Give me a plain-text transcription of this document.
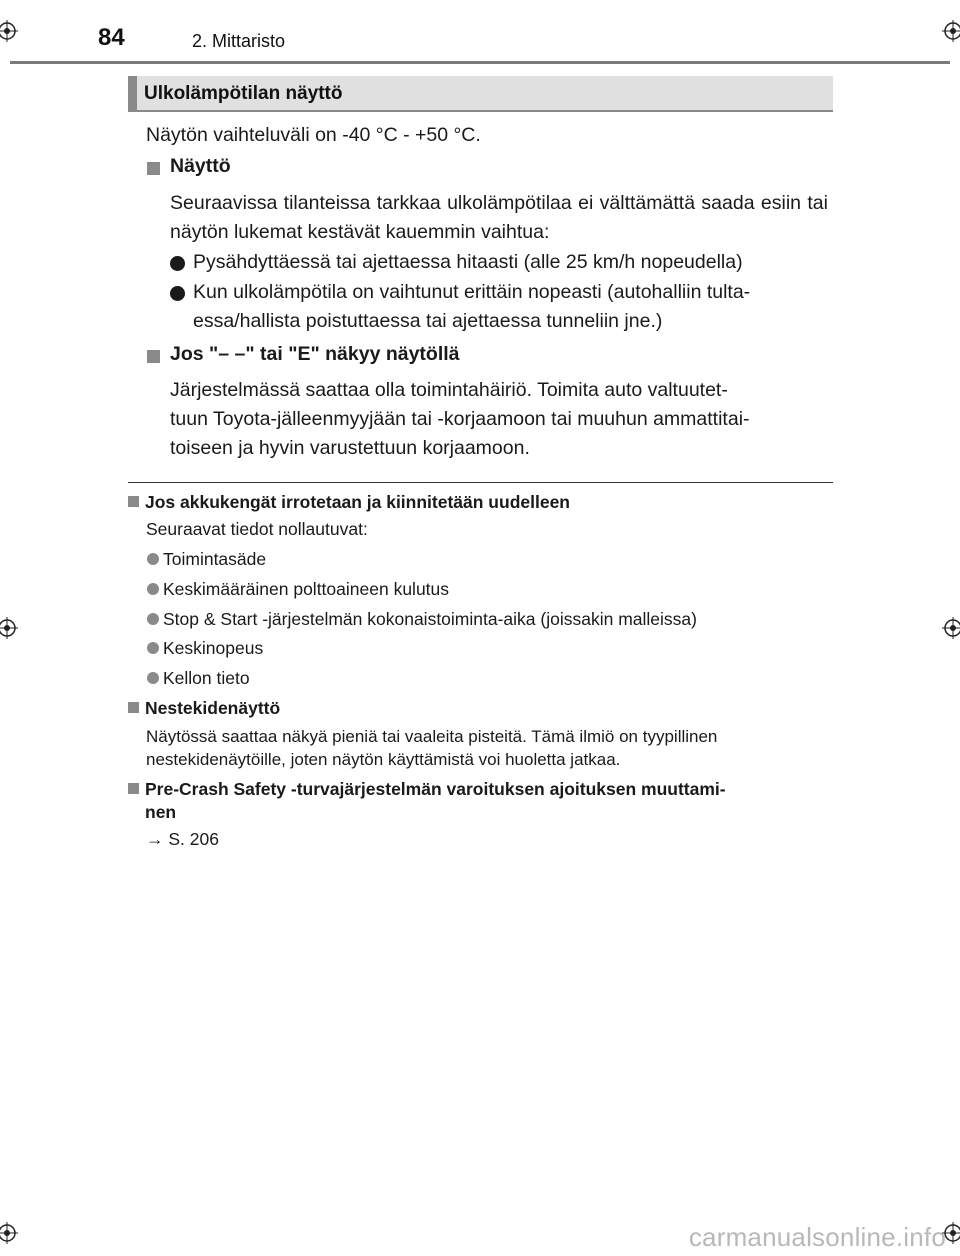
84	2. Mittaristo
Ulkolämpötilan näyttö
Näytön vaihteluväli on -40 °C - +50 °C.
Näyttö
Seuraavissa tilanteissa tarkkaa ulkolämpötilaa ei välttämättä saada esiin tai näytön lukemat kestävät kauemmin vaihtua:
Pysähdyttäessä tai ajettaessa hitaasti (alle 25 km/h nopeudella)
Kun ulkolämpötila on vaihtunut erittäin nopeasti (autohalliin tulta-
essa/hallista poistuttaessa tai ajettaessa tunneliin jne.)
Jos "– –" tai "E" näkyy näytöllä
Järjestelmässä saattaa olla toimintahäiriö. Toimita auto valtuutet-
tuun Toyota-jälleenmyyjään tai -korjaamoon tai muuhun ammattitai-
toiseen ja hyvin varustettuun korjaamoon.
Jos akkukengät irrotetaan ja kiinnitetään uudelleen
Seuraavat tiedot nollautuvat:
Toimintasäde
Keskimääräinen polttoaineen kulutus
Stop & Start -järjestelmän kokonaistoiminta-aika (joissakin malleissa)
Keskinopeus
Kellon tieto
Nestekidenäyttö
Näytössä saattaa näkyä pieniä tai vaaleita pisteitä. Tämä ilmiö on tyypillinen
nestekidenäytöille, joten näytön käyttämistä voi huoletta jatkaa.
Pre-Crash Safety -turvajärjestelmän varoituksen ajoituksen muuttami-
nen
→ S. 206
carmanualsonline.info
